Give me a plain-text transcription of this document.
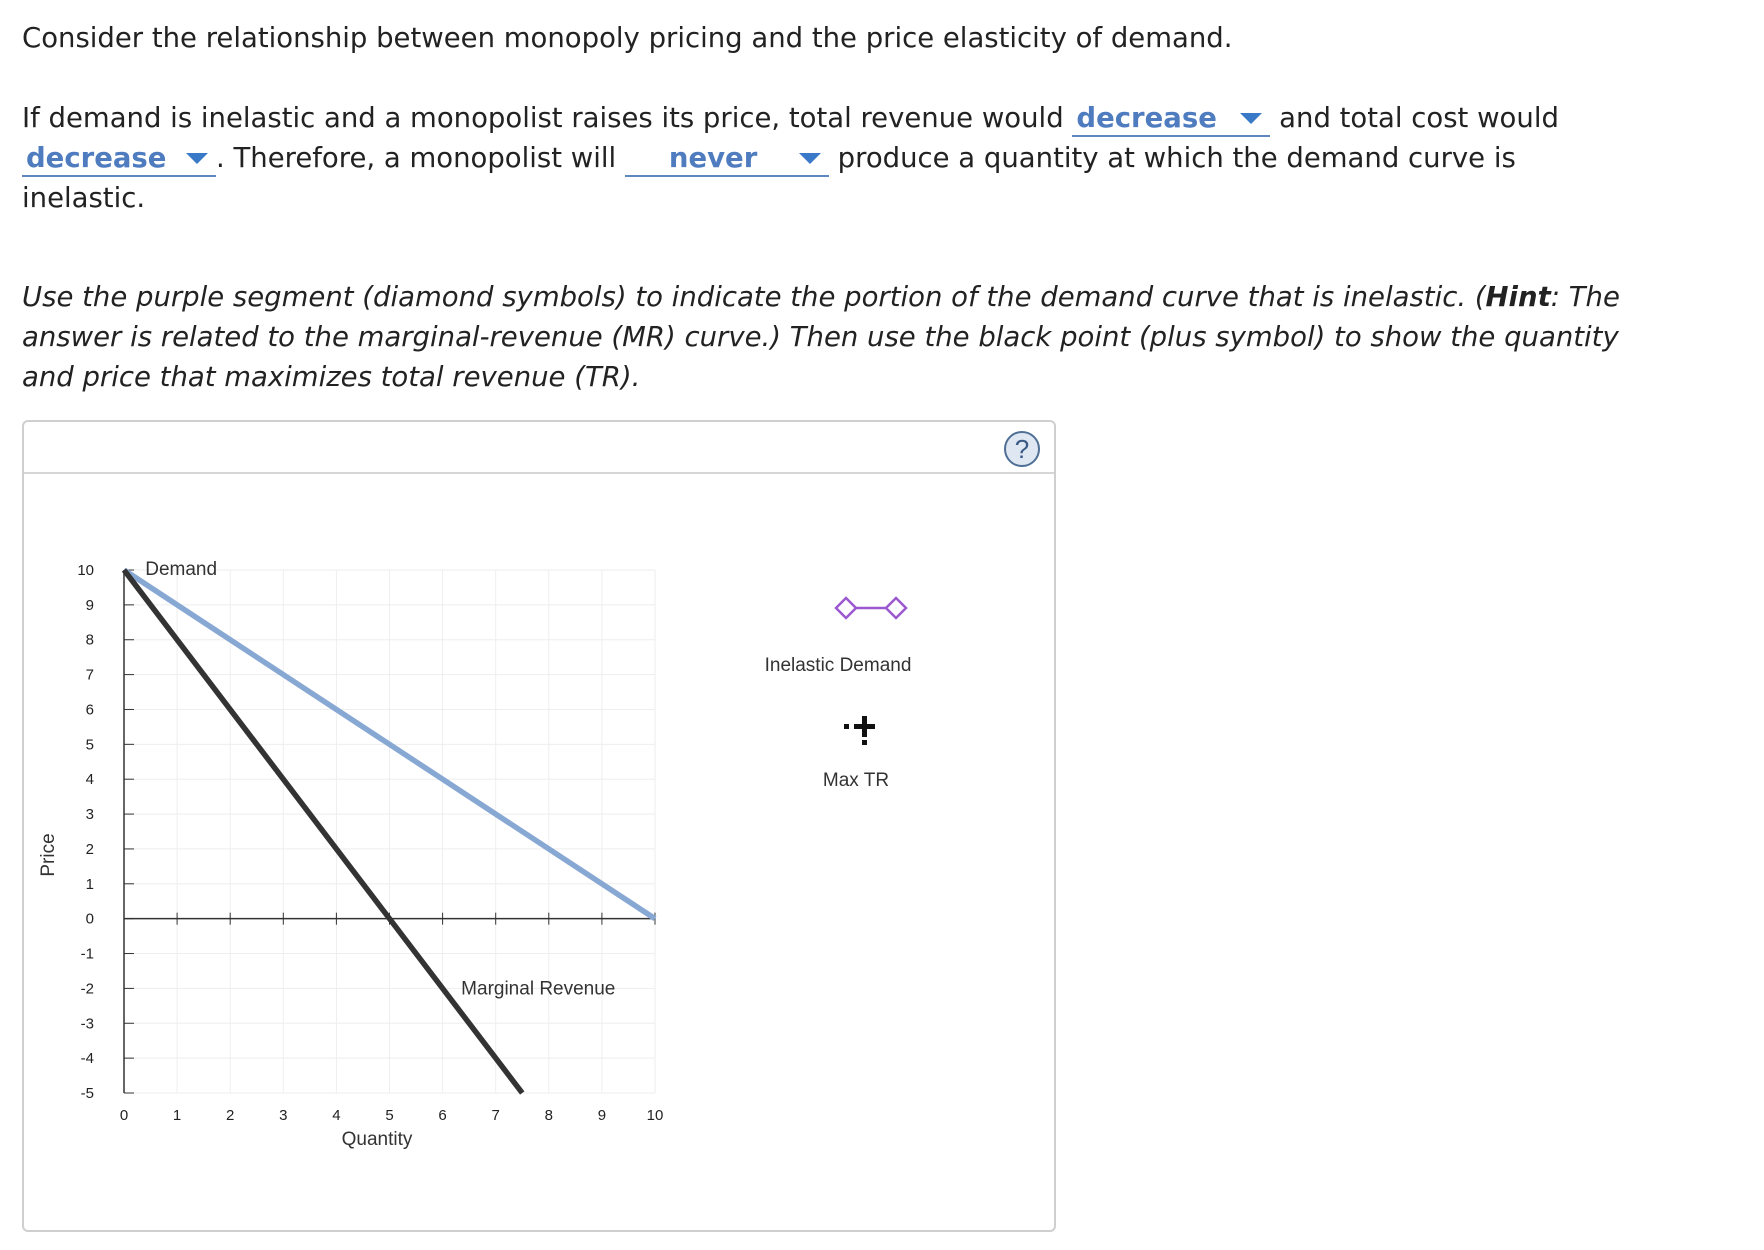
Consider the relationship between monopoly pricing and the price elasticity of demand.
If demand is inelastic and a monopolist raises its price, total revenue would decrease and total cost would decrease . Therefore, a monopolist will never	produce a quantity at which the demand curve is inelastic.
Use the purple segment (diamond symbols) to indicate the portion of the demand curve that is inelastic. (Hint: The answer is related to the marginal-revenue (MR) curve.) Then use the black point (plus symbol) to show the quantity and price that maximizes total revenue (TR).
?
10
9
8
7
6
5
4
3
2
1
0
-1
-2
-3
-4
-5
0	1	2	3	4	5	6	7	8	9	10
Quantity
Price
Demand
Marginal Revenue
Inelastic Demand
Max TR
